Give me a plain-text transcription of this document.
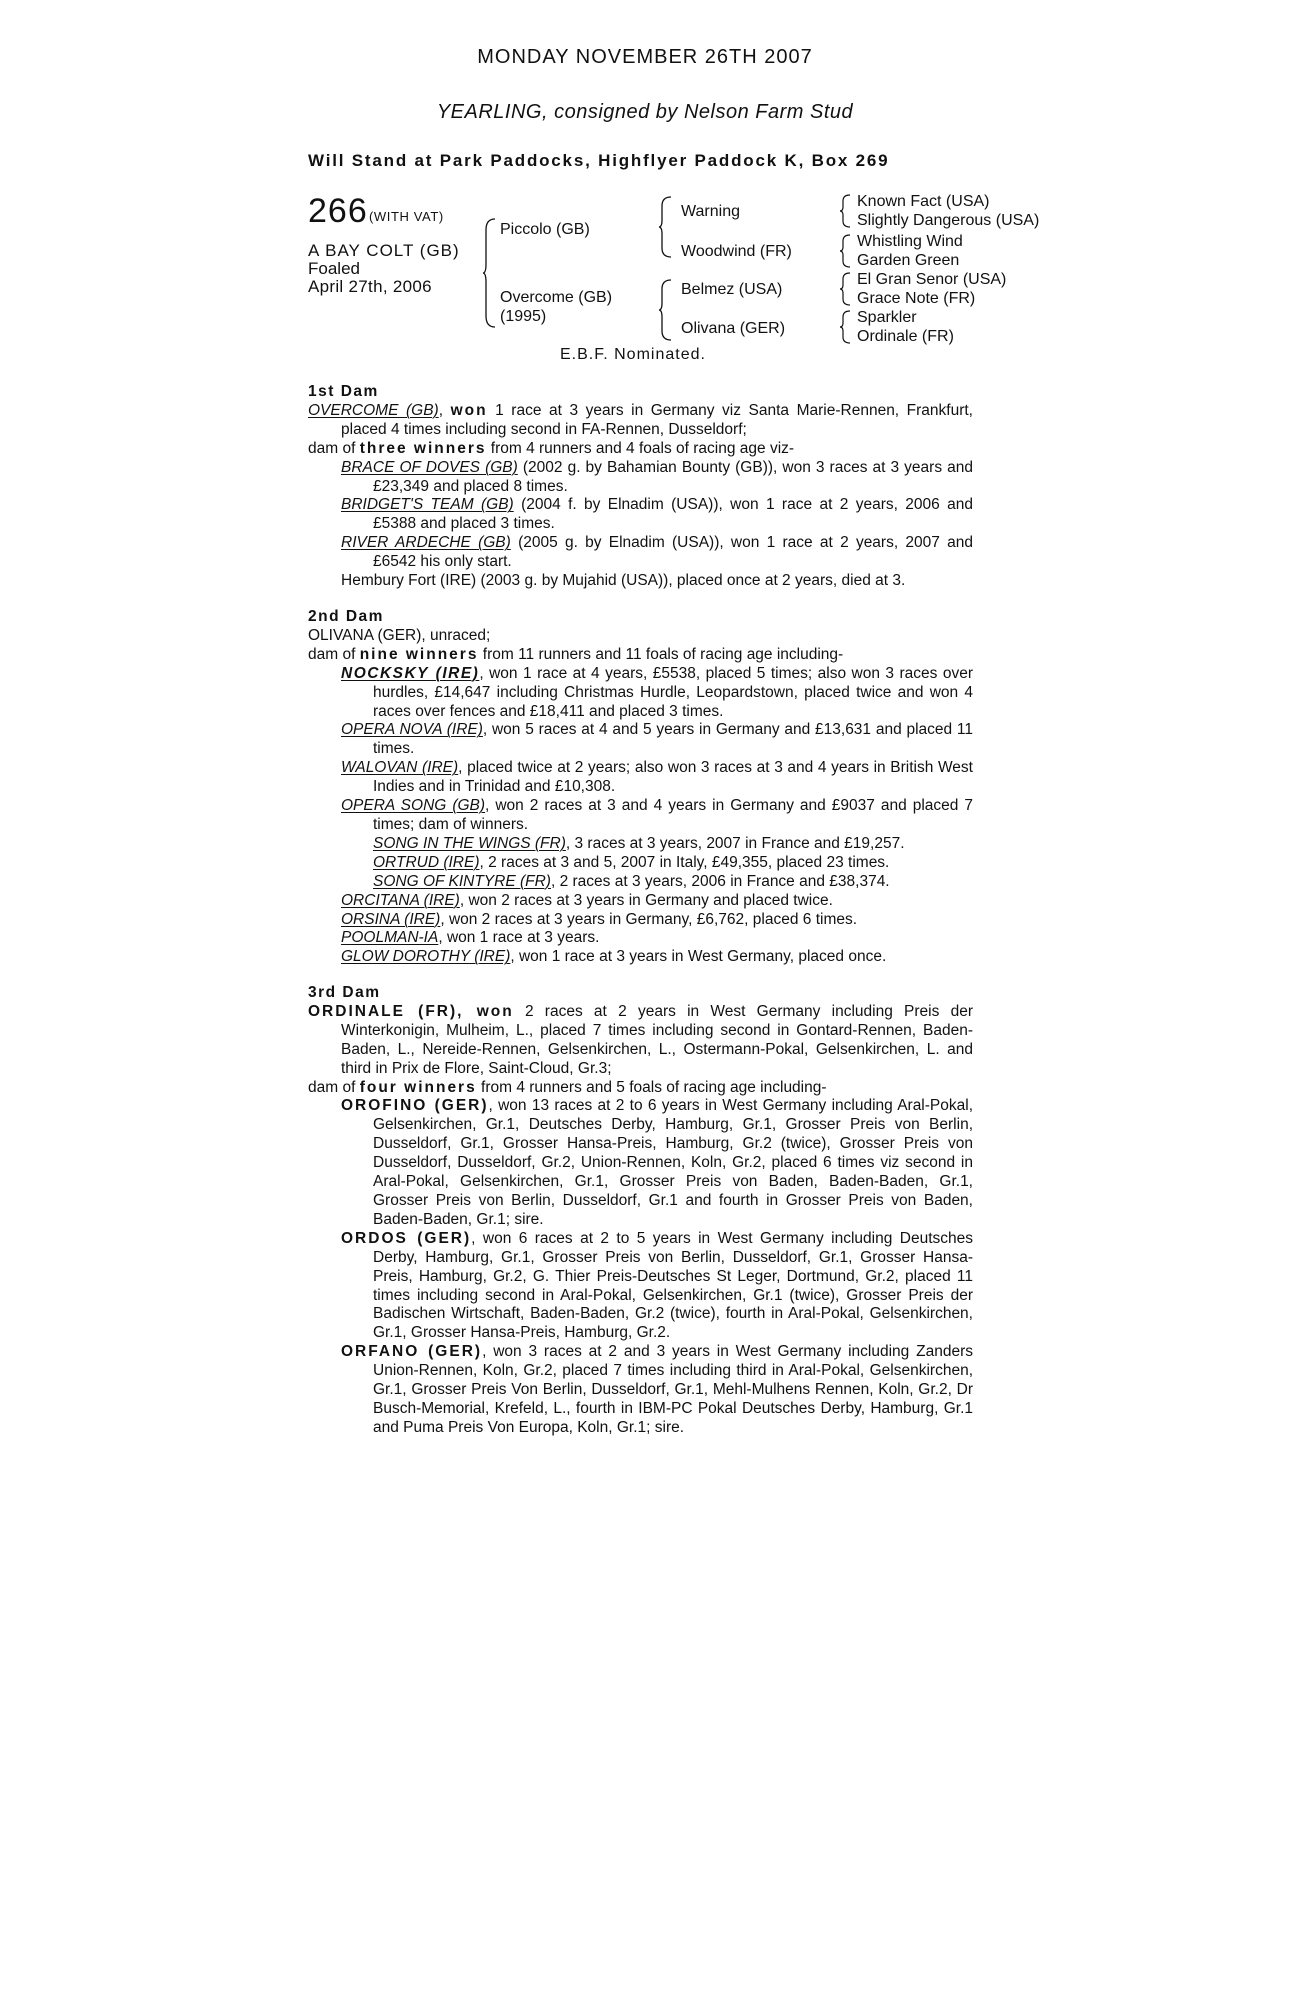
MONDAY NOVEMBER 26TH 2007
YEARLING, consigned by Nelson Farm Stud
Will Stand at Park Paddocks, Highflyer Paddock K, Box 269
266 (WITH VAT)
A BAY COLT (GB)
Foaled
April 27th, 2006
Piccolo (GB)
Overcome (GB)
(1995)
Warning
Woodwind (FR)
Belmez (USA)
Olivana (GER)
Known Fact (USA)
Slightly Dangerous (USA)
Whistling Wind
Garden Green
El Gran Senor (USA)
Grace Note (FR)
Sparkler
Ordinale (FR)
E.B.F. Nominated.

1st Dam

OVERCOME (GB), won 1 race at 3 years in Germany viz Santa Marie-Rennen, Frankfurt, placed 4 times including second in FA-Rennen, Dusseldorf;

dam of three winners from 4 runners and 4 foals of racing age viz-

BRACE OF DOVES (GB) (2002 g. by Bahamian Bounty (GB)), won 3 races at 3 years and £23,349 and placed 8 times.

BRIDGET'S TEAM (GB) (2004 f. by Elnadim (USA)), won 1 race at 2 years, 2006 and £5388 and placed 3 times.

RIVER ARDECHE (GB) (2005 g. by Elnadim (USA)), won 1 race at 2 years, 2007 and £6542 his only start.

Hembury Fort (IRE) (2003 g. by Mujahid (USA)), placed once at 2 years, died at 3.

2nd Dam

OLIVANA (GER), unraced;

dam of nine winners from 11 runners and 11 foals of racing age including-

NOCKSKY (IRE), won 1 race at 4 years, £5538, placed 5 times; also won 3 races over hurdles, £14,647 including Christmas Hurdle, Leopardstown, placed twice and won 4 races over fences and £18,411 and placed 3 times.

OPERA NOVA (IRE), won 5 races at 4 and 5 years in Germany and £13,631 and placed 11 times.

WALOVAN (IRE), placed twice at 2 years; also won 3 races at 3 and 4 years in British West Indies and in Trinidad and £10,308.

OPERA SONG (GB), won 2 races at 3 and 4 years in Germany and £9037 and placed 7 times; dam of winners.

SONG IN THE WINGS (FR), 3 races at 3 years, 2007 in France and £19,257.

ORTRUD (IRE), 2 races at 3 and 5, 2007 in Italy, £49,355, placed 23 times.

SONG OF KINTYRE (FR), 2 races at 3 years, 2006 in France and £38,374.

ORCITANA (IRE), won 2 races at 3 years in Germany and placed twice.

ORSINA (IRE), won 2 races at 3 years in Germany, £6,762, placed 6 times.

POOLMAN-IA, won 1 race at 3 years.

GLOW DOROTHY (IRE), won 1 race at 3 years in West Germany, placed once.

3rd Dam

ORDINALE (FR), won 2 races at 2 years in West Germany including Preis der Winterkonigin, Mulheim, L., placed 7 times including second in Gontard-Rennen, Baden-Baden, L., Nereide-Rennen, Gelsenkirchen, L., Ostermann-Pokal, Gelsenkirchen, L. and third in Prix de Flore, Saint-Cloud, Gr.3;

dam of four winners from 4 runners and 5 foals of racing age including-

OROFINO (GER), won 13 races at 2 to 6 years in West Germany including Aral-Pokal, Gelsenkirchen, Gr.1, Deutsches Derby, Hamburg, Gr.1, Grosser Preis von Berlin, Dusseldorf, Gr.1, Grosser Hansa-Preis, Hamburg, Gr.2 (twice), Grosser Preis von Dusseldorf, Dusseldorf, Gr.2, Union-Rennen, Koln, Gr.2, placed 6 times viz second in Aral-Pokal, Gelsenkirchen, Gr.1, Grosser Preis von Baden, Baden-Baden, Gr.1, Grosser Preis von Berlin, Dusseldorf, Gr.1 and fourth in Grosser Preis von Baden, Baden-Baden, Gr.1; sire.

ORDOS (GER), won 6 races at 2 to 5 years in West Germany including Deutsches Derby, Hamburg, Gr.1, Grosser Preis von Berlin, Dusseldorf, Gr.1, Grosser Hansa-Preis, Hamburg, Gr.2, G. Thier Preis-Deutsches St Leger, Dortmund, Gr.2, placed 11 times including second in Aral-Pokal, Gelsenkirchen, Gr.1 (twice), Grosser Preis der Badischen Wirtschaft, Baden-Baden, Gr.2 (twice), fourth in Aral-Pokal, Gelsenkirchen, Gr.1, Grosser Hansa-Preis, Hamburg, Gr.2.

ORFANO (GER), won 3 races at 2 and 3 years in West Germany including Zanders Union-Rennen, Koln, Gr.2, placed 7 times including third in Aral-Pokal, Gelsenkirchen, Gr.1, Grosser Preis Von Berlin, Dusseldorf, Gr.1, Mehl-Mulhens Rennen, Koln, Gr.2, Dr Busch-Memorial, Krefeld, L., fourth in IBM-PC Pokal Deutsches Derby, Hamburg, Gr.1 and Puma Preis Von Europa, Koln, Gr.1; sire.
